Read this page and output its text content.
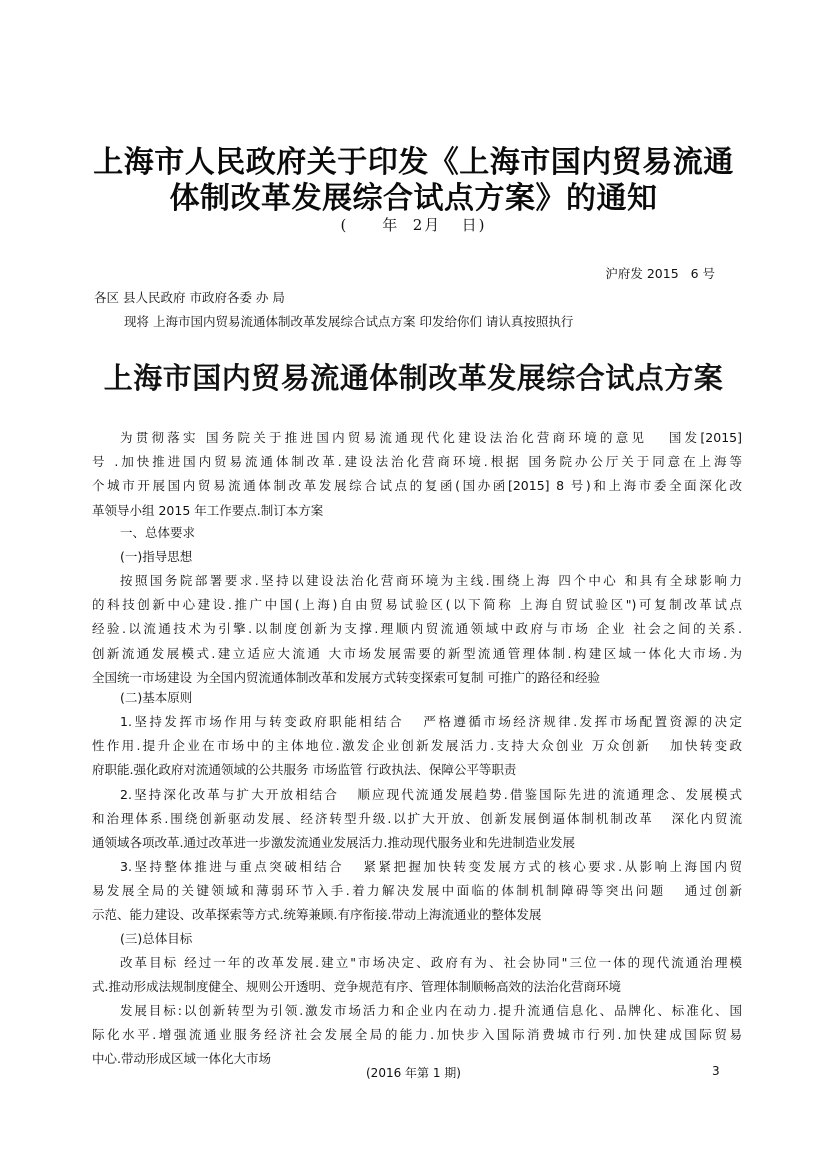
上海市人民政府关于印发《上海市国内贸易流通
体制改革发展综合试点方案》的通知
(     年  2月   日)
沪府发 2015   6 号
各区 县人民政府 市政府各委 办 局
现将 上海市国内贸易流通体制改革发展综合试点方案 印发给你们 请认真按照执行
上海市国内贸易流通体制改革发展综合试点方案
为贯彻落实 国务院关于推进国内贸易流通现代化建设法治化营商环境的意见   国发[2015]
号 .加快推进国内贸易流通体制改革.建设法治化营商环境.根据 国务院办公厅关于同意在上海等
个城市开展国内贸易流通体制改革发展综合试点的复函(国办函[2015] 8 号)和上海市委全面深化改
革领导小组 2015 年工作要点.制订本方案
一、总体要求
(一)指导思想
按照国务院部署要求.坚持以建设法治化营商环境为主线.围绕上海 四个中心 和具有全球影响力
的科技创新中心建设.推广中国(上海)自由贸易试验区(以下简称 上海自贸试验区")可复制改革试点
经验.以流通技术为引擎.以制度创新为支撑.理顺内贸流通领域中政府与市场 企业 社会之间的关系.
创新流通发展模式.建立适应大流通 大市场发展需要的新型流通管理体制.构建区域一体化大市场.为
全国统一市场建设 为全国内贸流通体制改革和发展方式转变探索可复制 可推广的路径和经验
(二)基本原则
1.坚持发挥市场作用与转变政府职能相结合   严格遵循市场经济规律.发挥市场配置资源的决定
性作用.提升企业在市场中的主体地位.激发企业创新发展活力.支持大众创业 万众创新   加快转变政
府职能.强化政府对流通领域的公共服务 市场监管 行政执法、保障公平等职责
2.坚持深化改革与扩大开放相结合   顺应现代流通发展趋势.借鉴国际先进的流通理念、发展模式
和治理体系.围绕创新驱动发展、经济转型升级.以扩大开放、创新发展倒逼体制机制改革   深化内贸流
通领域各项改革.通过改革进一步激发流通业发展活力.推动现代服务业和先进制造业发展
3.坚持整体推进与重点突破相结合   紧紧把握加快转变发展方式的核心要求.从影响上海国内贸
易发展全局的关键领域和薄弱环节入手.着力解决发展中面临的体制机制障碍等突出问题   通过创新
示范、能力建设、改革探索等方式.统筹兼顾.有序衔接.带动上海流通业的整体发展
(三)总体目标
改革目标 经过一年的改革发展.建立"市场决定、政府有为、社会协同"三位一体的现代流通治理模
式.推动形成法规制度健全、规则公开透明、竞争规范有序、管理体制顺畅高效的法治化营商环境
发展目标:以创新转型为引领.激发市场活力和企业内在动力.提升流通信息化、品牌化、标准化、国
际化水平.增强流通业服务经济社会发展全局的能力.加快步入国际消费城市行列.加快建成国际贸易
中心.带动形成区域一体化大市场
(2016 年第 1 期)	3
